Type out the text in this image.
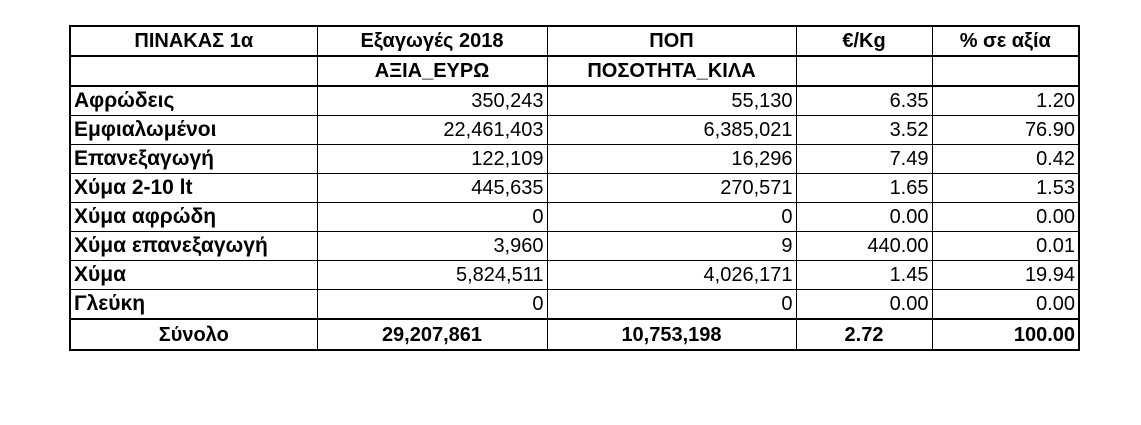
ΠΙΝΑΚΑΣ 1α	Εξαγωγές 2018	ΠΟΠ	€/Kg	% σε αξία
	ΑΞΙΑ_ΕΥΡΩ	ΠΟΣΟΤΗΤΑ_ΚΙΛΑ		
Αφρώδεις	350,243	55,130	6.35	1.20
Εμφιαλωμένοι	22,461,403	6,385,021	3.52	76.90
Επανεξαγωγή	122,109	16,296	7.49	0.42
Χύμα 2-10 lt	445,635	270,571	1.65	1.53
Χύμα αφρώδη	0	0	0.00	0.00
Χύμα επανεξαγωγή	3,960	9	440.00	0.01
Χύμα	5,824,511	4,026,171	1.45	19.94
Γλεύκη	0	0	0.00	0.00
Σύνολο	29,207,861	10,753,198	2.72	100.00
